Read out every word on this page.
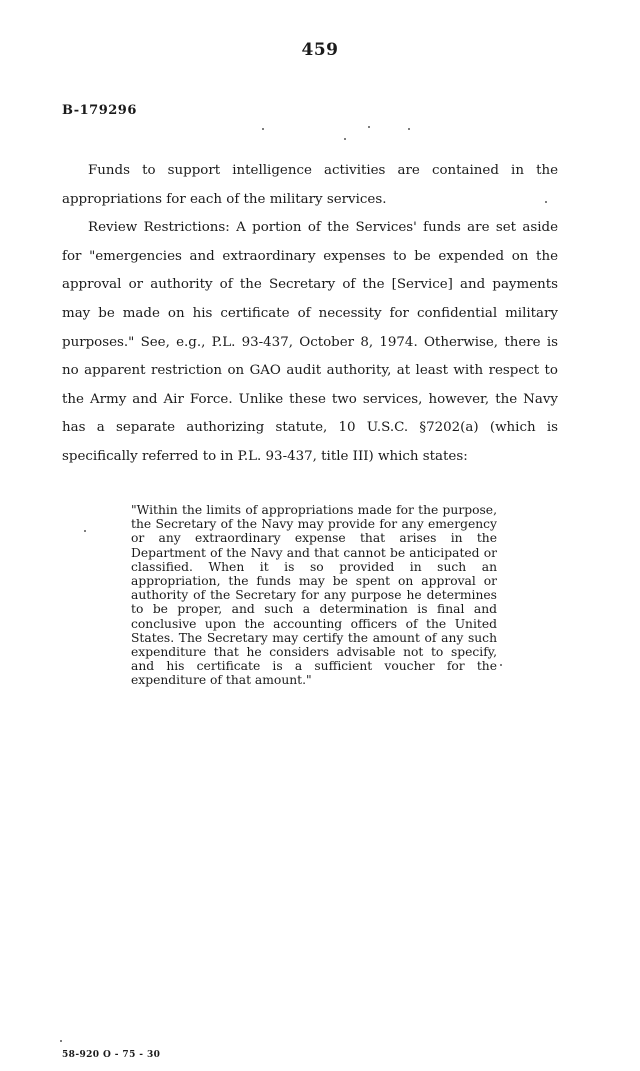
459
B-179296

Funds to support intelligence activities are contained in the appropriations for each of the military services.

Review Restrictions: A portion of the Services' funds are set aside for "emergencies and extraordinary expenses to be expended on the approval or authority of the Secretary of the [Service] and payments may be made on his certificate of necessity for confidential military purposes." See, e.g., P.L. 93-437, October 8, 1974. Otherwise, there is no apparent restriction on GAO audit authority, at least with respect to the Army and Air Force. Unlike these two services, however, the Navy has a separate authorizing statute, 10 U.S.C. §7202(a) (which is specifically referred to in P.L. 93-437, title III) which states:

"Within the limits of appropriations made for the purpose, the Secretary of the Navy may provide for any emergency or any extraordinary expense that arises in the Department of the Navy and that cannot be anticipated or classified. When it is so provided in such an appropriation, the funds may be spent on approval or authority of the Secretary for any purpose he determines to be proper, and such a determination is final and conclusive upon the accounting officers of the United States. The Secretary may certify the amount of any such expenditure that he considers advisable not to specify, and his certificate is a sufficient voucher for the expenditure of that amount."
58-920 O - 75 - 30
